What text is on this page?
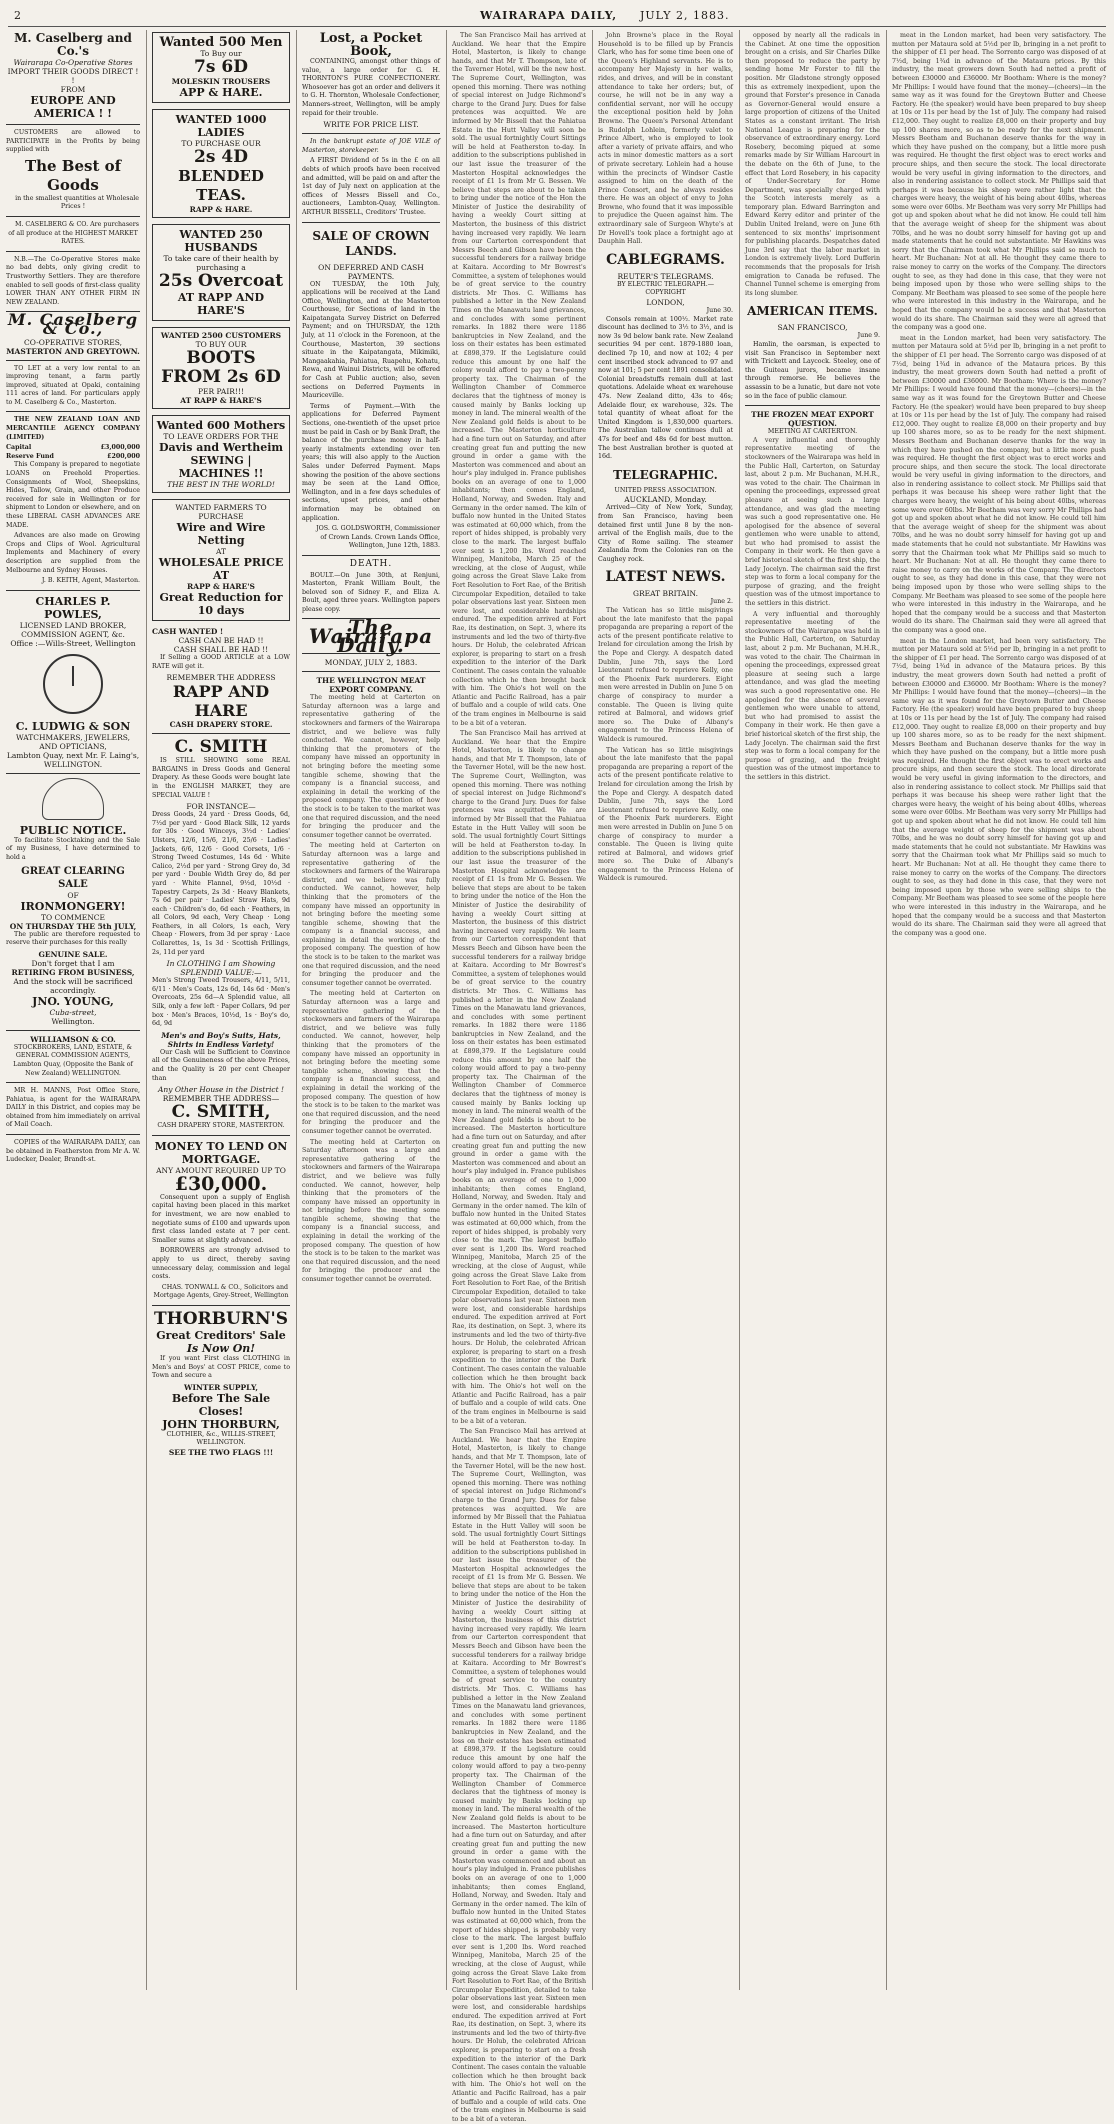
2	WAIRARAPA DAILY, JULY 2, 1883.
M. Caselberg and Co.'s
Wairarapa Co-Operative Stores
IMPORT THEIR GOODS DIRECT ! !
FROM
EUROPE AND AMERICA ! !

CUSTOMERS are allowed to PARTICIPATE in the Profits by being supplied with

The Best of Goods

in the smallest quantities at Wholesale Prices !

M. CASELBERG & CO. Are purchasers of all produce at the HIGHEST MARKET RATES.

N.B.—The Co-Operative Stores make no bad debts, only giving credit to Trustworthy Settlers. They are therefore enabled to sell goods of first-class quality LOWER THAN ANY OTHER FIRM IN NEW ZEALAND.

M. Caselberg & Co.,
CO-OPERATIVE STORES,
MASTERTON AND GREYTOWN.

TO LET at a very low rental to an improving tenant, a farm partly improved, situated at Opaki, containing 111 acres of land. For particulars apply to M. Caselberg & Co., Masterton.

THE NEW ZEALAND LOAN AND MERCANTILE AGENCY COMPANY (LIMITED)

Capital	£3,000,000
Reserve Fund	£200,000

This Company is prepared to negotiate LOANS on Freehold Properties. Consignments of Wool, Sheepskins, Hides, Tallow, Grain, and other Produce received for sale in Wellington or for shipment to London or elsewhere, and on these LIBERAL CASH ADVANCES ARE MADE.

Advances are also made on Growing Crops and Clips of Wool. Agricultural Implements and Machinery of every description are supplied from the Melbourne and Sydney Houses.

J. B. KEITH, Agent, Masterton.

CHARLES P. POWLES,
LICENSED LAND BROKER, COMMISSION AGENT, &c.
Office :—Wills-Street, Wellington
C. LUDWIG & SON
WATCHMAKERS, JEWELERS, AND OPTICIANS,
Lambton Quay, next Mr. F. Laing's, WELLINGTON.
PUBLIC NOTICE.

To facilitate Stocktaking and the Sale of my Business, I have determined to hold a

GREAT CLEARING SALE
OF
IRONMONGERY!
TO COMMENCE
ON THURSDAY THE 5th JULY,

The public are therefore requested to reserve their purchases for this really

GENUINE SALE.
Don't forget that I am
RETIRING FROM BUSINESS,
And the stock will be sacrificed accordingly.
JNO. YOUNG,
Cuba-street,
Wellington.
WILLIAMSON & CO.
STOCKBROKERS, LAND, ESTATE, & GENERAL COMMISSION AGENTS,
Lambton Quay, (Opposite the Bank of New Zealand) WELLINGTON.

MR H. MANNS, Post Office Store, Pahiatua, is agent for the WAIRARAPA DAILY in this District, and copies may be obtained from him immediately on arrival of Mail Coach.

COPIES of the WAIRARAPA DAILY, can be obtained in Featherston from Mr A. W. Ludecker, Dealer, Brandt-st.

Wanted 500 Men
To Buy our
7s 6D
MOLESKIN TROUSERS
APP & HARE.
WANTED 1000 LADIES
TO PURCHASE OUR
2s 4D
BLENDED TEAS.
RAPP & HARE.
WANTED 250 HUSBANDS
To take care of their health by purchasing a
25s Overcoat
AT RAPP AND HARE'S
WANTED 2500 CUSTOMERS
TO BUY OUR
BOOTS FROM 2s 6D
PER PAIR!!!
AT RAPP & HARE'S
Wanted 600 Mothers
TO LEAVE ORDERS FOR THE
Davis and Wertheim
SEWING | MACHINES !!
THE BEST IN THE WORLD!
WANTED FARMERS TO PURCHASE
Wire and Wire Netting
AT
WHOLESALE PRICE AT
RAPP & HARE'S
Great Reduction for 10 days
CASH WANTED !
CASH CAN BE HAD !!
CASH SHALL BE HAD !!

If Selling a GOOD ARTICLE at a LOW RATE will get it.

REMEMBER THE ADDRESS
RAPP AND HARE
CASH DRAPERY STORE.
C. SMITH

IS STILL SHOWING some REAL BARGAINS in Dress Goods and General Drapery. As these Goods were bought late in the ENGLISH MARKET, they are SPECIAL VALUE !

FOR INSTANCE—

Dress Goods, 24 yard · Dress Goods, 6d, 7½d per yard · Good Black Silk, 12 yards for 30s · Good Winceys, 3½d · Ladies' Ulsters, 12/6, 15/6, 21/6, 25/6 · Ladies' Jackets, 6/6, 12/6 · Good Corsets, 1/6 · Strong Tweed Costumes, 14s 6d · White Calico, 2½d per yard · Strong Grey do, 3d per yard · Double Width Grey do, 8d per yard · White Flannel, 9½d, 10½d · Tapestry Carpets, 2s 3d · Heavy Blankets, 7s 6d per pair · Ladies' Straw Hats, 9d each · Children's do, 6d each · Feathers, in all Colors, 9d each, Very Cheap · Long Feathers, in all Colors, 1s each, Very Cheap · Flowers, from 3d per spray · Lace Collarettes, 1s, 1s 3d · Scottish Frillings, 2s, 11d per yard

In CLOTHING I am Showing SPLENDID VALUE:—

Men's Strong Tweed Trousers, 4/11, 5/11, 6/11 · Men's Coats, 12s 6d, 14s 6d · Men's Overcoats, 25s 6d—A Splendid value, all Silk, only a few left · Paper Collars, 9d per box · Men's Braces, 10½d, 1s · Boy's do, 6d, 9d

Men's and Boy's Suits, Hats, Shirts in Endless Variety!

Our Cash will be Sufficient to Convince all of the Genuineness of the above Prices, and the Quality is 20 per cent Cheaper than

Any Other House in the District !
REMEMBER THE ADDRESS—
C. SMITH,
CASH DRAPERY STORE, MASTERTON.
MONEY TO LEND ON MORTGAGE.
ANY AMOUNT REQUIRED UP TO
£30,000.

Consequent upon a supply of English capital having been placed in this market for investment, we are now enabled to negotiate sums of £100 and upwards upon first class landed estate at 7 per cent. Smaller sums at slightly advanced.

BORROWERS are strongly advised to apply to us direct, thereby saving unnecessary delay, commission and legal costs.

CHAS. TONWALL & CO., Solicitors and Mortgage Agents, Grey-Street, Wellington

THORBURN'S
Great Creditors' Sale
Is Now On!

If you want First class CLOTHING in Men's and Boys' at COST PRICE, come to Town and secure a

WINTER SUPPLY,
Before The Sale Closes!
JOHN THORBURN,
CLOTHIER, &c., WILLIS-STREET, WELLINGTON.
SEE THE TWO FLAGS !!!
Lost, a Pocket Book,

CONTAINING, amongst other things of value, a large order for G. H. THORNTON'S PURE CONFECTIONERY. Whosoever has got an order and delivers it to G. H. Thornton, Wholesale Confectioner, Manners-street, Wellington, will be amply repaid for their trouble.

WRITE FOR PRICE LIST.

In the bankrupt estate of JOE VILE of Masterton, storekeeper.

A FIRST Dividend of 5s in the £ on all debts of which proofs have been received and admitted, will be paid on and after the 1st day of July next on application at the offices of Messrs Bissell and Co., auctioneers, Lambton-Quay, Wellington. ARTHUR BISSELL, Creditors' Trustee.

SALE OF CROWN LANDS.
ON DEFERRED AND CASH PAYMENTS.

ON TUESDAY, the 10th July, applications will be received at the Land Office, Wellington, and at the Masterton Courthouse, for Sections of land in the Kaipatangata Survey District on Deferred Payment; and on THURSDAY, the 12th July, at 11 o'clock in the Forenoon, at the Courthouse, Masterton, 39 sections situate in the Kaipatangata, Mikimiki, Mangaakahia, Pahiatua, Ruapehu, Kohatu, Rewa, and Wainui Districts, will be offered for Cash at Public auction; also, seven sections on Deferred Payments in Mauriceville.

Terms of Payment.—With the applications for Deferred Payment Sections, one-twentieth of the upset price must be paid in Cash or by Bank Draft, the balance of the purchase money in half-yearly instalments extending over ten years; this will also apply to the Auction Sales under Deferred Payment. Maps showing the position of the above sections may be seen at the Land Office, Wellington, and in a few days schedules of sections, upset prices, and other information may be obtained on application.

JOS. G. GOLDSWORTH, Commissioner of Crown Lands. Crown Lands Office, Wellington, June 12th, 1883.

DEATH.

BOULT.—On June 30th, at Renjuni, Masterton, Frank William Boult, the beloved son of Sidney F., and Eliza A. Boult, aged three years. Wellington papers please copy.

The Wairarapa Daily.
MONDAY, JULY 2, 1883.
THE WELLINGTON MEAT EXPORT COMPANY.

The meeting held at Carterton on Saturday afternoon was a large and representative gathering of the stockowners and farmers of the Wairarapa district, and we believe was fully conducted. We cannot, however, help thinking that the promoters of the company have missed an opportunity in not bringing before the meeting some tangible scheme, showing that the company is a financial success, and explaining in detail the working of the proposed company. The question of how the stock is to be taken to the market was one that required discussion, and the need for bringing the producer and the consumer together cannot be overrated.

The meeting held at Carterton on Saturday afternoon was a large and representative gathering of the stockowners and farmers of the Wairarapa district, and we believe was fully conducted. We cannot, however, help thinking that the promoters of the company have missed an opportunity in not bringing before the meeting some tangible scheme, showing that the company is a financial success, and explaining in detail the working of the proposed company. The question of how the stock is to be taken to the market was one that required discussion, and the need for bringing the producer and the consumer together cannot be overrated.

The meeting held at Carterton on Saturday afternoon was a large and representative gathering of the stockowners and farmers of the Wairarapa district, and we believe was fully conducted. We cannot, however, help thinking that the promoters of the company have missed an opportunity in not bringing before the meeting some tangible scheme, showing that the company is a financial success, and explaining in detail the working of the proposed company. The question of how the stock is to be taken to the market was one that required discussion, and the need for bringing the producer and the consumer together cannot be overrated.

The meeting held at Carterton on Saturday afternoon was a large and representative gathering of the stockowners and farmers of the Wairarapa district, and we believe was fully conducted. We cannot, however, help thinking that the promoters of the company have missed an opportunity in not bringing before the meeting some tangible scheme, showing that the company is a financial success, and explaining in detail the working of the proposed company. The question of how the stock is to be taken to the market was one that required discussion, and the need for bringing the producer and the consumer together cannot be overrated.

The San Francisco Mail has arrived at Auckland. We hear that the Empire Hotel, Masterton, is likely to change hands, and that Mr T. Thompson, late of the Taverner Hotel, will be the new host. The Supreme Court, Wellington, was opened this morning. There was nothing of special interest on Judge Richmond's charge to the Grand Jury. Dues for false pretences was acquitted. We are informed by Mr Bissell that the Pahiatua Estate in the Hutt Valley will soon be sold. The usual fortnightly Court Sittings will be held at Featherston to-day. In addition to the subscriptions published in our last issue the treasurer of the Masterton Hospital acknowledges the receipt of £1 1s from Mr G. Bessen. We believe that steps are about to be taken to bring under the notice of the Hon the Minister of Justice the desirability of having a weekly Court sitting at Masterton, the business of this district having increased very rapidly. We learn from our Carterton correspondent that Messrs Beech and Gibson have been the successful tenderers for a railway bridge at Kaitara. According to Mr Bowrest's Committee, a system of telephones would be of great service to the country districts. Mr Thos. C. Williams has published a letter in the New Zealand Times on the Manawatu land grievances, and concludes with some pertinent remarks. In 1882 there were 1186 bankruptcies in New Zealand, and the loss on their estates has been estimated at £898,379. If the Legislature could reduce this amount by one half the colony would afford to pay a two-penny property tax. The Chairman of the Wellington Chamber of Commerce declares that the tightness of money is caused mainly by Banks locking up money in land. The mineral wealth of the New Zealand gold fields is about to be increased. The Masterton horticulture had a fine turn out on Saturday, and after creating great fun and putting the new ground in order a game with the Masterton was commenced and about an hour's play indulged in. France publishes books on an average of one to 1,000 inhabitants; then comes England, Holland, Norway, and Sweden. Italy and Germany in the order named. The kiln of buffalo now hunted in the United States was estimated at 60,000 which, from the report of hides shipped, is probably very close to the mark. The largest buffalo ever sent is 1,200 lbs. Word reached Winnipeg, Manitoba, March 25 of the wrecking, at the close of August, while going across the Great Slave Lake from Fort Resolution to Fort Rae, of the British Circumpolar Expedition, detailed to take polar observations last year. Sixteen men were lost, and considerable hardships endured. The expedition arrived at Fort Rae, its destination, on Sept. 3, where its instruments and led the two of thirty-five hours. Dr Holub, the celebrated African explorer, is preparing to start on a fresh expedition to the interior of the Dark Continent. The cases contain the valuable collection which he then brought back with him. The Ohio's hot well on the Atlantic and Pacific Railroad, has a pair of buffalo and a couple of wild cats. One of the tram engines in Melbourne is said to be a bit of a veteran.

The San Francisco Mail has arrived at Auckland. We hear that the Empire Hotel, Masterton, is likely to change hands, and that Mr T. Thompson, late of the Taverner Hotel, will be the new host. The Supreme Court, Wellington, was opened this morning. There was nothing of special interest on Judge Richmond's charge to the Grand Jury. Dues for false pretences was acquitted. We are informed by Mr Bissell that the Pahiatua Estate in the Hutt Valley will soon be sold. The usual fortnightly Court Sittings will be held at Featherston to-day. In addition to the subscriptions published in our last issue the treasurer of the Masterton Hospital acknowledges the receipt of £1 1s from Mr G. Bessen. We believe that steps are about to be taken to bring under the notice of the Hon the Minister of Justice the desirability of having a weekly Court sitting at Masterton, the business of this district having increased very rapidly. We learn from our Carterton correspondent that Messrs Beech and Gibson have been the successful tenderers for a railway bridge at Kaitara. According to Mr Bowrest's Committee, a system of telephones would be of great service to the country districts. Mr Thos. C. Williams has published a letter in the New Zealand Times on the Manawatu land grievances, and concludes with some pertinent remarks. In 1882 there were 1186 bankruptcies in New Zealand, and the loss on their estates has been estimated at £898,379. If the Legislature could reduce this amount by one half the colony would afford to pay a two-penny property tax. The Chairman of the Wellington Chamber of Commerce declares that the tightness of money is caused mainly by Banks locking up money in land. The mineral wealth of the New Zealand gold fields is about to be increased. The Masterton horticulture had a fine turn out on Saturday, and after creating great fun and putting the new ground in order a game with the Masterton was commenced and about an hour's play indulged in. France publishes books on an average of one to 1,000 inhabitants; then comes England, Holland, Norway, and Sweden. Italy and Germany in the order named. The kiln of buffalo now hunted in the United States was estimated at 60,000 which, from the report of hides shipped, is probably very close to the mark. The largest buffalo ever sent is 1,200 lbs. Word reached Winnipeg, Manitoba, March 25 of the wrecking, at the close of August, while going across the Great Slave Lake from Fort Resolution to Fort Rae, of the British Circumpolar Expedition, detailed to take polar observations last year. Sixteen men were lost, and considerable hardships endured. The expedition arrived at Fort Rae, its destination, on Sept. 3, where its instruments and led the two of thirty-five hours. Dr Holub, the celebrated African explorer, is preparing to start on a fresh expedition to the interior of the Dark Continent. The cases contain the valuable collection which he then brought back with him. The Ohio's hot well on the Atlantic and Pacific Railroad, has a pair of buffalo and a couple of wild cats. One of the tram engines in Melbourne is said to be a bit of a veteran.

The San Francisco Mail has arrived at Auckland. We hear that the Empire Hotel, Masterton, is likely to change hands, and that Mr T. Thompson, late of the Taverner Hotel, will be the new host. The Supreme Court, Wellington, was opened this morning. There was nothing of special interest on Judge Richmond's charge to the Grand Jury. Dues for false pretences was acquitted. We are informed by Mr Bissell that the Pahiatua Estate in the Hutt Valley will soon be sold. The usual fortnightly Court Sittings will be held at Featherston to-day. In addition to the subscriptions published in our last issue the treasurer of the Masterton Hospital acknowledges the receipt of £1 1s from Mr G. Bessen. We believe that steps are about to be taken to bring under the notice of the Hon the Minister of Justice the desirability of having a weekly Court sitting at Masterton, the business of this district having increased very rapidly. We learn from our Carterton correspondent that Messrs Beech and Gibson have been the successful tenderers for a railway bridge at Kaitara. According to Mr Bowrest's Committee, a system of telephones would be of great service to the country districts. Mr Thos. C. Williams has published a letter in the New Zealand Times on the Manawatu land grievances, and concludes with some pertinent remarks. In 1882 there were 1186 bankruptcies in New Zealand, and the loss on their estates has been estimated at £898,379. If the Legislature could reduce this amount by one half the colony would afford to pay a two-penny property tax. The Chairman of the Wellington Chamber of Commerce declares that the tightness of money is caused mainly by Banks locking up money in land. The mineral wealth of the New Zealand gold fields is about to be increased. The Masterton horticulture had a fine turn out on Saturday, and after creating great fun and putting the new ground in order a game with the Masterton was commenced and about an hour's play indulged in. France publishes books on an average of one to 1,000 inhabitants; then comes England, Holland, Norway, and Sweden. Italy and Germany in the order named. The kiln of buffalo now hunted in the United States was estimated at 60,000 which, from the report of hides shipped, is probably very close to the mark. The largest buffalo ever sent is 1,200 lbs. Word reached Winnipeg, Manitoba, March 25 of the wrecking, at the close of August, while going across the Great Slave Lake from Fort Resolution to Fort Rae, of the British Circumpolar Expedition, detailed to take polar observations last year. Sixteen men were lost, and considerable hardships endured. The expedition arrived at Fort Rae, its destination, on Sept. 3, where its instruments and led the two of thirty-five hours. Dr Holub, the celebrated African explorer, is preparing to start on a fresh expedition to the interior of the Dark Continent. The cases contain the valuable collection which he then brought back with him. The Ohio's hot well on the Atlantic and Pacific Railroad, has a pair of buffalo and a couple of wild cats. One of the tram engines in Melbourne is said to be a bit of a veteran.

John Browne's place in the Royal Household is to be filled up by Francis Clark, who has for some time been one of the Queen's Highland servants. He is to accompany her Majesty in her walks, rides, and drives, and will be in constant attendance to take her orders; but, of course, he will not be in any way a confidential servant, nor will he occupy the exceptional position held by John Browne. The Queen's Personal Attendant is Rudolph Lohlein, formerly valet to Prince Albert, who is employed to look after a variety of private affairs, and who acts in minor domestic matters as a sort of private secretary. Lohlein had a house within the precincts of Windsor Castle assigned to him on the death of the Prince Consort, and he always resides there. He was an object of envy to John Browne, who found that it was impossible to prejudice the Queen against him. The extraordinary sale of Surgeon Whyte's at Dr Hovell's took place a fortnight ago at Dauphin Hall.

CABLEGRAMS.
REUTER'S TELEGRAMS.
BY ELECTRIC TELEGRAPH.—COPYRIGHT
LONDON,
June 30.

Consols remain at 100½. Market rate discount has declined to 3½ to 3½, and is now 3s 9d below bank rate. New Zealand securities 94 per cent. 1879-1880 loan, declined 7p 10, and now at 102; 4 per cent inscribed stock advanced to 97 and now at 101; 5 per cent 1891 consolidated. Colonial breadstuffs remain dull at last quotations. Adelaide wheat ex warehouse 47s. New Zealand ditto, 43s to 46s; Adelaide flour, ex warehouse, 32s. The total quantity of wheat afloat for the United Kingdom is 1,830,000 quarters. The Australian tallow continues dull at 47s for beef and 48s 6d for best mutton. The best Australian brother is quoted at 16d.

TELEGRAPHIC.
UNITED PRESS ASSOCIATION.
AUCKLAND, Monday.

Arrived—City of New York, Sunday, from San Francisco, having been detained first until June 8 by the non-arrival of the English mails, due to the City of Rome sailing. The steamer Zealandia from the Colonies ran on the Caughey rock.

LATEST NEWS.
GREAT BRITAIN.
June 2.

The Vatican has so little misgivings about the late manifesto that the papal propaganda are preparing a report of the acts of the present pontificate relative to Ireland for circulation among the Irish by the Pope and Clergy. A despatch dated Dublin, June 7th, says the Lord Lieutenant refused to reprieve Kelly, one of the Phoenix Park murderers. Eight men were arrested in Dublin on June 5 on charge of conspiracy to murder a constable. The Queen is living quite retired at Balmoral, and widows grief more so. The Duke of Albany's engagement to the Princess Helena of Waldeck is rumoured.

The Vatican has so little misgivings about the late manifesto that the papal propaganda are preparing a report of the acts of the present pontificate relative to Ireland for circulation among the Irish by the Pope and Clergy. A despatch dated Dublin, June 7th, says the Lord Lieutenant refused to reprieve Kelly, one of the Phoenix Park murderers. Eight men were arrested in Dublin on June 5 on charge of conspiracy to murder a constable. The Queen is living quite retired at Balmoral, and widows grief more so. The Duke of Albany's engagement to the Princess Helena of Waldeck is rumoured.

opposed by nearly all the radicals in the Cabinet. At one time the opposition brought on a crisis, and Sir Charles Dilke then proposed to reduce the party by sending home Mr Forster to fill the position. Mr Gladstone strongly opposed this as extremely inexpedient, upon the ground that Forster's presence in Canada as Governor-General would ensure a large proportion of citizens of the United States as a constant irritant. The Irish National League is preparing for the observance of extraordinary energy. Lord Rosebery, becoming piqued at some remarks made by Sir William Harcourt in the debate on the 6th of June, to the effect that Lord Rosebery, in his capacity of Under-Secretary for Home Department, was specially charged with the Scotch interests merely as a temporary plan. Edward Barrington and Edward Kerry editor and printer of the Dublin United Ireland, were on June 6th sentenced to six months' imprisonment for publishing placards. Despatches dated June 3rd say that the labor market in London is extremely lively. Lord Dufferin recommends that the proposals for Irish emigration to Canada be refused. The Channel Tunnel scheme is emerging from its long slumber.

AMERICAN ITEMS.
SAN FRANCISCO,
June 9.

Hamlin, the oarsman, is expected to visit San Francisco in September next with Trickett and Laycock. Steeley, one of the Guiteau jurors, became insane through remorse. He believes the assassin to be a lunatic, but dare not vote so in the face of public clamour.

THE FROZEN MEAT EXPORT QUESTION.
MEETING AT CARTERTON.

A very influential and thoroughly representative meeting of the stockowners of the Wairarapa was held in the Public Hall, Carterton, on Saturday last, about 2 p.m. Mr Buchanan, M.H.R., was voted to the chair. The Chairman in opening the proceedings, expressed great pleasure at seeing such a large attendance, and was glad the meeting was such a good representative one. He apologised for the absence of several gentlemen who were unable to attend, but who had promised to assist the Company in their work. He then gave a brief historical sketch of the first ship, the Lady Jocelyn. The chairman said the first step was to form a local company for the purpose of grazing, and the freight question was of the utmost importance to the settlers in this district.

A very influential and thoroughly representative meeting of the stockowners of the Wairarapa was held in the Public Hall, Carterton, on Saturday last, about 2 p.m. Mr Buchanan, M.H.R., was voted to the chair. The Chairman in opening the proceedings, expressed great pleasure at seeing such a large attendance, and was glad the meeting was such a good representative one. He apologised for the absence of several gentlemen who were unable to attend, but who had promised to assist the Company in their work. He then gave a brief historical sketch of the first ship, the Lady Jocelyn. The chairman said the first step was to form a local company for the purpose of grazing, and the freight question was of the utmost importance to the settlers in this district.

meat in the London market, had been very satisfactory. The mutton per Mataura sold at 5½d per lb, bringing in a net profit to the shipper of £1 per head. The Sorrento cargo was disposed of at 7½d, being 1¾d in advance of the Mataura prices. By this industry, the meat growers down South had netted a profit of between £30000 and £36000. Mr Bootham: Where is the money? Mr Phillips: I would have found that the money—(cheers)—in the same way as it was found for the Greytown Butter and Cheese Factory. He (the speaker) would have been prepared to buy sheep at 10s or 11s per head by the 1st of July. The company had raised £12,000. They ought to realize £8,000 on their property and buy up 100 shares more, so as to be ready for the next shipment. Messrs Beetham and Buchanan deserve thanks for the way in which they have pushed on the company, but a little more push was required. He thought the first object was to erect works and procure ships, and then secure the stock. The local directorate would be very useful in giving information to the directors, and also in rendering assistance to collect stock. Mr Phillips said that perhaps it was because his sheep were rather light that the charges were heavy, the weight of his being about 40lbs, whereas some were over 60lbs. Mr Beetham was very sorry Mr Phillips had got up and spoken about what he did not know. He could tell him that the average weight of sheep for the shipment was about 70lbs, and he was no doubt sorry himself for having got up and made statements that he could not substantiate. Mr Hawkins was sorry that the Chairman took what Mr Phillips said so much to heart. Mr Buchanan: Not at all. He thought they came there to raise money to carry on the works of the Company. The directors ought to see, as they had done in this case, that they were not being imposed upon by those who were selling ships to the Company. Mr Beetham was pleased to see some of the people here who were interested in this industry in the Wairarapa, and he hoped that the company would be a success and that Masterton would do its share. The Chairman said they were all agreed that the company was a good one.

meat in the London market, had been very satisfactory. The mutton per Mataura sold at 5½d per lb, bringing in a net profit to the shipper of £1 per head. The Sorrento cargo was disposed of at 7½d, being 1¾d in advance of the Mataura prices. By this industry, the meat growers down South had netted a profit of between £30000 and £36000. Mr Bootham: Where is the money? Mr Phillips: I would have found that the money—(cheers)—in the same way as it was found for the Greytown Butter and Cheese Factory. He (the speaker) would have been prepared to buy sheep at 10s or 11s per head by the 1st of July. The company had raised £12,000. They ought to realize £8,000 on their property and buy up 100 shares more, so as to be ready for the next shipment. Messrs Beetham and Buchanan deserve thanks for the way in which they have pushed on the company, but a little more push was required. He thought the first object was to erect works and procure ships, and then secure the stock. The local directorate would be very useful in giving information to the directors, and also in rendering assistance to collect stock. Mr Phillips said that perhaps it was because his sheep were rather light that the charges were heavy, the weight of his being about 40lbs, whereas some were over 60lbs. Mr Beetham was very sorry Mr Phillips had got up and spoken about what he did not know. He could tell him that the average weight of sheep for the shipment was about 70lbs, and he was no doubt sorry himself for having got up and made statements that he could not substantiate. Mr Hawkins was sorry that the Chairman took what Mr Phillips said so much to heart. Mr Buchanan: Not at all. He thought they came there to raise money to carry on the works of the Company. The directors ought to see, as they had done in this case, that they were not being imposed upon by those who were selling ships to the Company. Mr Beetham was pleased to see some of the people here who were interested in this industry in the Wairarapa, and he hoped that the company would be a success and that Masterton would do its share. The Chairman said they were all agreed that the company was a good one.

meat in the London market, had been very satisfactory. The mutton per Mataura sold at 5½d per lb, bringing in a net profit to the shipper of £1 per head. The Sorrento cargo was disposed of at 7½d, being 1¾d in advance of the Mataura prices. By this industry, the meat growers down South had netted a profit of between £30000 and £36000. Mr Bootham: Where is the money? Mr Phillips: I would have found that the money—(cheers)—in the same way as it was found for the Greytown Butter and Cheese Factory. He (the speaker) would have been prepared to buy sheep at 10s or 11s per head by the 1st of July. The company had raised £12,000. They ought to realize £8,000 on their property and buy up 100 shares more, so as to be ready for the next shipment. Messrs Beetham and Buchanan deserve thanks for the way in which they have pushed on the company, but a little more push was required. He thought the first object was to erect works and procure ships, and then secure the stock. The local directorate would be very useful in giving information to the directors, and also in rendering assistance to collect stock. Mr Phillips said that perhaps it was because his sheep were rather light that the charges were heavy, the weight of his being about 40lbs, whereas some were over 60lbs. Mr Beetham was very sorry Mr Phillips had got up and spoken about what he did not know. He could tell him that the average weight of sheep for the shipment was about 70lbs, and he was no doubt sorry himself for having got up and made statements that he could not substantiate. Mr Hawkins was sorry that the Chairman took what Mr Phillips said so much to heart. Mr Buchanan: Not at all. He thought they came there to raise money to carry on the works of the Company. The directors ought to see, as they had done in this case, that they were not being imposed upon by those who were selling ships to the Company. Mr Beetham was pleased to see some of the people here who were interested in this industry in the Wairarapa, and he hoped that the company would be a success and that Masterton would do its share. The Chairman said they were all agreed that the company was a good one.
